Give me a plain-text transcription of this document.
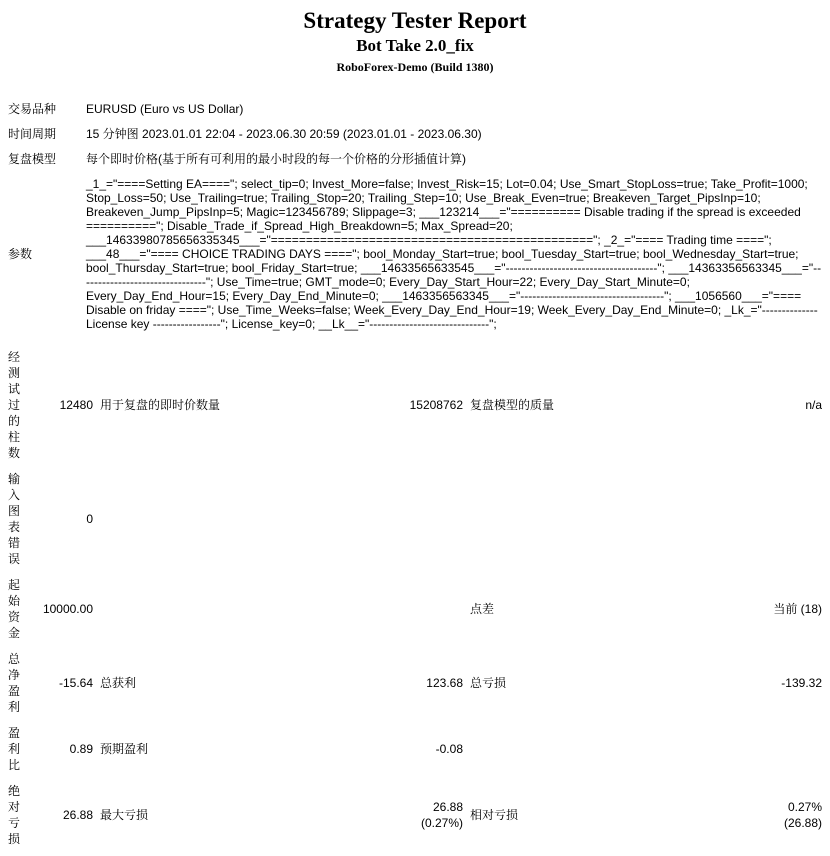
Strategy Tester Report
Bot Take 2.0_fix
RoboForex-Demo (Build 1380)
交易品种	EURUSD (Euro vs US Dollar)
时间周期	15 分钟图 2023.01.01 22:04 - 2023.06.30 20:59 (2023.01.01 - 2023.06.30)
复盘模型	每个即时价格(基于所有可利用的最小时段的每一个价格的分形插值计算)
参数	_1_="====Setting EA===="; select_tip=0; Invest_More=false; Invest_Risk=15; Lot=0.04; Use_Smart_StopLoss=true; Take_Profit=1000; Stop_Loss=50; Use_Trailing=true; Trailing_Stop=20; Trailing_Step=10; Use_Break_Even=true; Breakeven_Target_PipsInp=10; Breakeven_Jump_PipsInp=5; Magic=123456789; Slippage=3; ___123214___="========== Disable trading if the spread is exceeded =========="; Disable_Trade_if_Spread_High_Breakdown=5; Max_Spread=20; ___14633980785656335345___="=============================================="; _2_="==== Trading time ===="; ___48___="==== CHOICE TRADING DAYS ===="; bool_Monday_Start=true; bool_Tuesday_Start=true; bool_Wednesday_Start=true; bool_Thursday_Start=true; bool_Friday_Start=true; ___14633565633545___="--------------------------------------"; ___14363356563345___="--------------------------------"; Use_Time=true; GMT_mode=0; Every_Day_Start_Hour=22; Every_Day_Start_Minute=0; Every_Day_End_Hour=15; Every_Day_End_Minute=0; ___1463356563345___="------------------------------------"; ___1056560___="==== Disable on friday ===="; Use_Time_Weeks=false; Week_Every_Day_End_Hour=19; Week_Every_Day_End_Minute=0; _Lk_="-------------- License key -----------------"; License_key=0; __Lk__="------------------------------";
经测试过的柱数	12480	用于复盘的即时价数量	15208762	复盘模型的质量	n/a
输入图表错误	0				
起始资金	10000.00			点差	当前 (18)
总净盈利	-15.64	总获利	123.68	总亏损	-139.32
盈利比	0.89	预期盈利	-0.08		
绝对亏损	26.88	最大亏损	26.88 (0.27%)	相对亏损	0.27% (26.88)
